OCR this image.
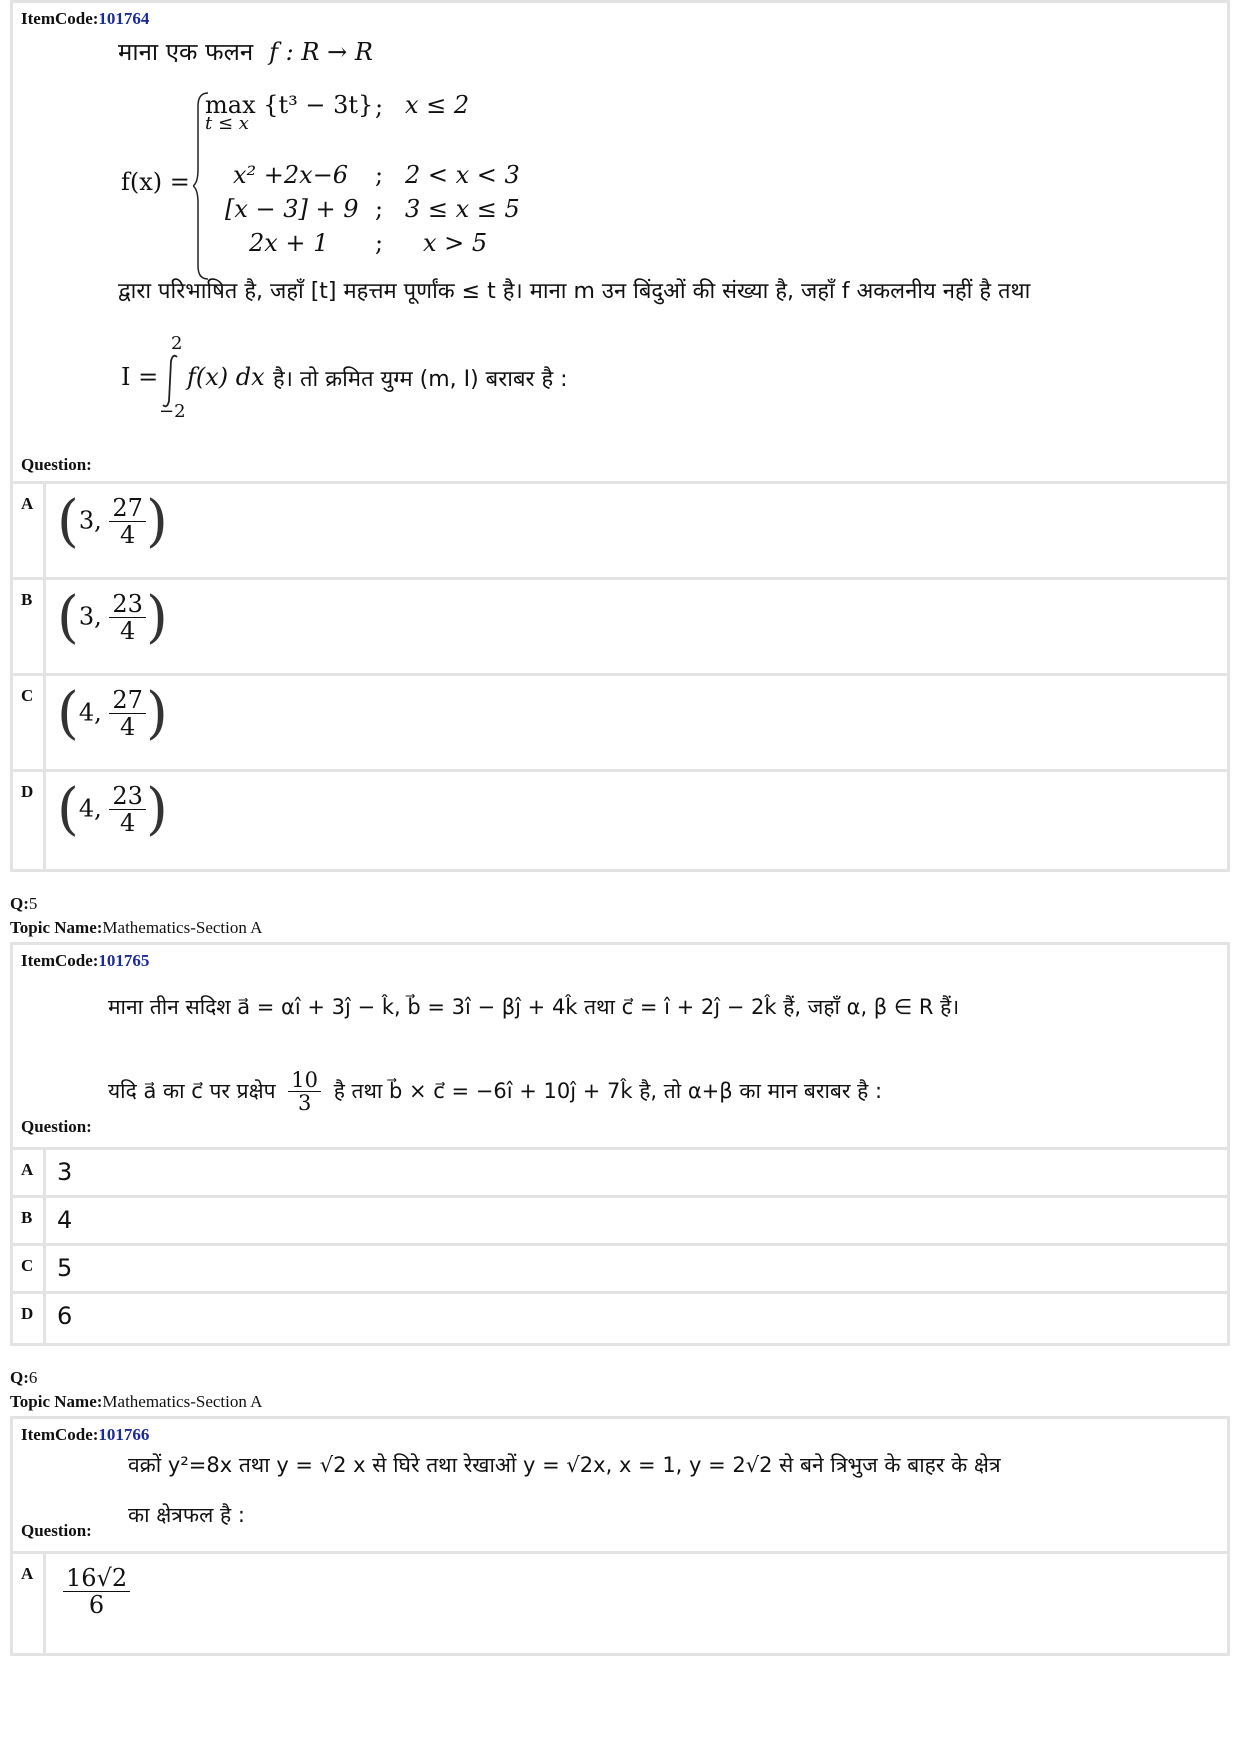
ItemCode:101764
माना एक फलन f : R → R
f(x) =
max {t³ − 3t}
t ≤ x
; x ≤ 2
x² +2x−6 ; 2 < x < 3
[x − 3] + 9 ; 3 ≤ x ≤ 5
2x + 1 ; x > 5
द्वारा परिभाषित है, जहाँ [t] महत्तम पूर्णांक ≤ t है। माना m उन बिंदुओं की संख्या है, जहाँ f अकलनीय नहीं है तथा
I =
2
−2
f(x) dx है। तो क्रमित युग्म (m, I) बराबर है :
Question:
A (3, $\frac{27}{4}$ )
B (3, $\frac{23}{4}$ )
C (4, $\frac{27}{4}$ )
D (4, $\frac{23}{4}$ )
Q:5
Topic Name:Mathematics-Section A
ItemCode:101765
माना तीन सदिश a⃗ = αî + 3ĵ − k̂, b⃗ = 3î − βĵ + 4k̂ तथा c⃗ = î + 2ĵ − 2k̂ हैं, जहाँ α, β ∈ R हैं।
यदि a⃗ का c⃗ पर प्रक्षेप $\frac{10}{3}$ है तथा b⃗ × c⃗ = −6î + 10ĵ + 7k̂ है, तो α+β का मान बराबर है :
Question:
A 3
B 4
C 5
D 6
Q:6
Topic Name:Mathematics-Section A
ItemCode:101766
वक्रों y²=8x तथा y = √2 x से घिरे तथा रेखाओं y = √2x, x = 1, y = 2√2 से बने त्रिभुज के बाहर के क्षेत्र
का क्षेत्रफल है :
Question:
A $\frac{16√2}{6}$
